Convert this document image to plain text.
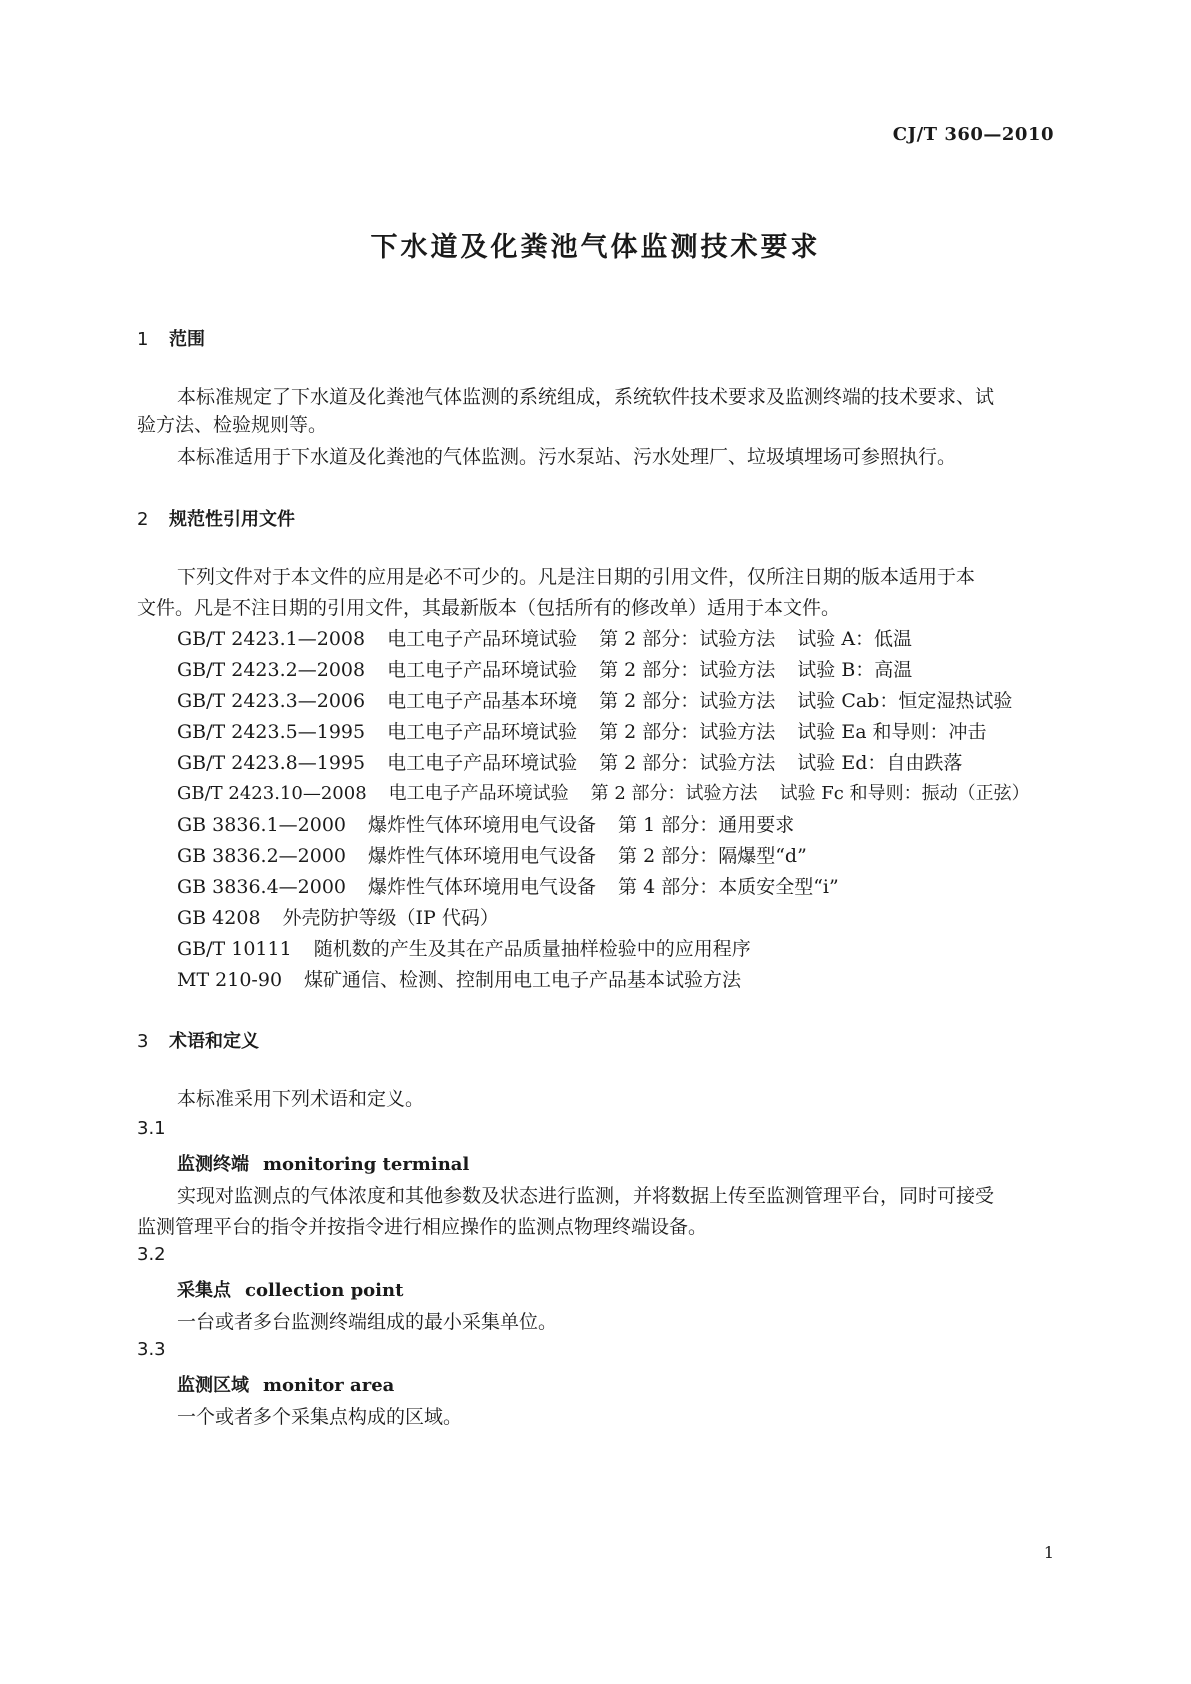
CJ/T 360—2010
下水道及化粪池气体监测技术要求
1 范围
本标准规定了下水道及化粪池气体监测的系统组成，系统软件技术要求及监测终端的技术要求、试
验方法、检验规则等。
本标准适用于下水道及化粪池的气体监测。污水泵站、污水处理厂、垃圾填埋场可参照执行。
2 规范性引用文件
下列文件对于本文件的应用是必不可少的。凡是注日期的引用文件，仅所注日期的版本适用于本
文件。凡是不注日期的引用文件，其最新版本（包括所有的修改单）适用于本文件。
GB/T 2423.1—2008 电工电子产品环境试验 第 2 部分：试验方法 试验 A：低温
GB/T 2423.2—2008 电工电子产品环境试验 第 2 部分：试验方法 试验 B：高温
GB/T 2423.3—2006 电工电子产品基本环境 第 2 部分：试验方法 试验 Cab：恒定湿热试验
GB/T 2423.5—1995 电工电子产品环境试验 第 2 部分：试验方法 试验 Ea 和导则：冲击
GB/T 2423.8—1995 电工电子产品环境试验 第 2 部分：试验方法 试验 Ed：自由跌落
GB/T 2423.10—2008 电工电子产品环境试验 第 2 部分：试验方法 试验 Fc 和导则：振动（正弦）
GB 3836.1—2000 爆炸性气体环境用电气设备 第 1 部分：通用要求
GB 3836.2—2000 爆炸性气体环境用电气设备 第 2 部分：隔爆型“d”
GB 3836.4—2000 爆炸性气体环境用电气设备 第 4 部分：本质安全型“i”
GB 4208 外壳防护等级（IP 代码）
GB/T 10111 随机数的产生及其在产品质量抽样检验中的应用程序
MT 210-90 煤矿通信、检测、控制用电工电子产品基本试验方法
3 术语和定义
本标准采用下列术语和定义。
3.1
监测终端 monitoring terminal
实现对监测点的气体浓度和其他参数及状态进行监测，并将数据上传至监测管理平台，同时可接受
监测管理平台的指令并按指令进行相应操作的监测点物理终端设备。
3.2
采集点 collection point
一台或者多台监测终端组成的最小采集单位。
3.3
监测区域 monitor area
一个或者多个采集点构成的区域。
1
